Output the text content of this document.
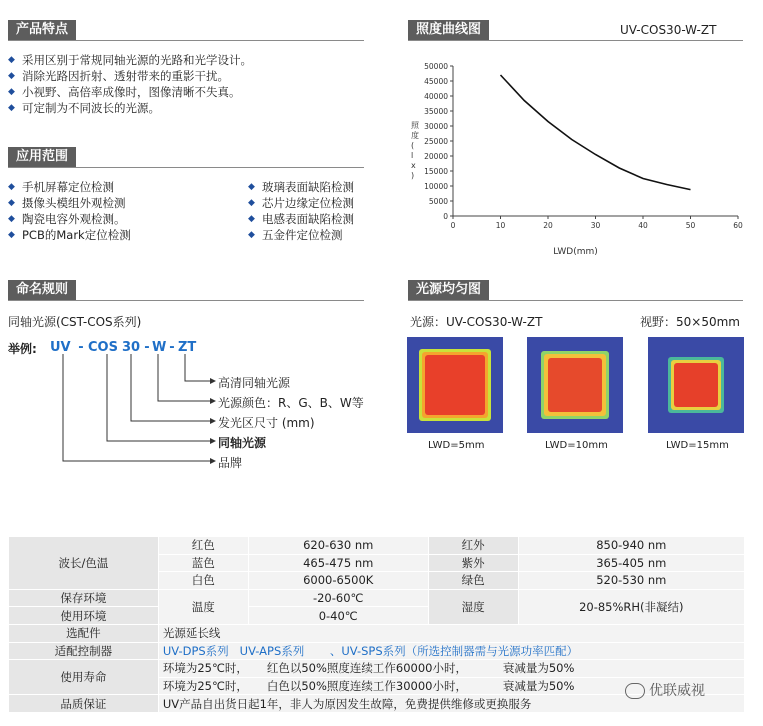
产品特点
◆ 采用区别于常规同轴光源的光路和光学设计。
◆ 消除光路因折射、透射带来的重影干扰。
◆ 小视野、高倍率成像时，图像清晰不失真。
◆ 可定制为不同波长的光源。
应用范围
◆ 手机屏幕定位检测
◆ 摄像头模组外观检测
◆ 陶瓷电容外观检测。
◆ PCB的Mark定位检测
◆ 玻璃表面缺陷检测
◆ 芯片边缘定位检测
◆ 电感表面缺陷检测
◆ 五金件定位检测
命名规则
同轴光源(CST-COS系列)
举例: UV - COS 30 - W - ZT
高清同轴光源
光源颜色：R、G、B、W等
发光区尺寸 (mm)
同轴光源
品牌
照度曲线图	UV-COS30-W-ZT
0
5000
10000
15000
20000
25000
30000
35000
40000
45000
50000
0	10	20	30	40	50	60
LWD(mm)
照度( l x )
光源均匀图
光源：UV-COS30-W-ZT	视野：50×50mm
LWD=5mm	LWD=10mm	LWD=15mm
波长/色温	红色	620-630 nm	红外	850-940 nm
	蓝色	465-475 nm	紫外	365-405 nm
	白色	6000-6500K	绿色	520-530 nm
保存环境	温度	-20-60℃	湿度	20-85%RH(非凝结)
使用环境		0-40℃		
选配件	光源延长线			
适配控制器	UV-DPS系列 UV-APS系列 、UV-SPS系列（所选控制器需与光源功率匹配）			
使用寿命	环境为25℃时， 红色以50%照度连续工作60000小时， 衰减量为50%			
	环境为25℃时， 白色以50%照度连续工作30000小时， 衰减量为50%			
品质保证	UV产品自出货日起1年，非人为原因发生故障，免费提供维修或更换服务			
优联威视
